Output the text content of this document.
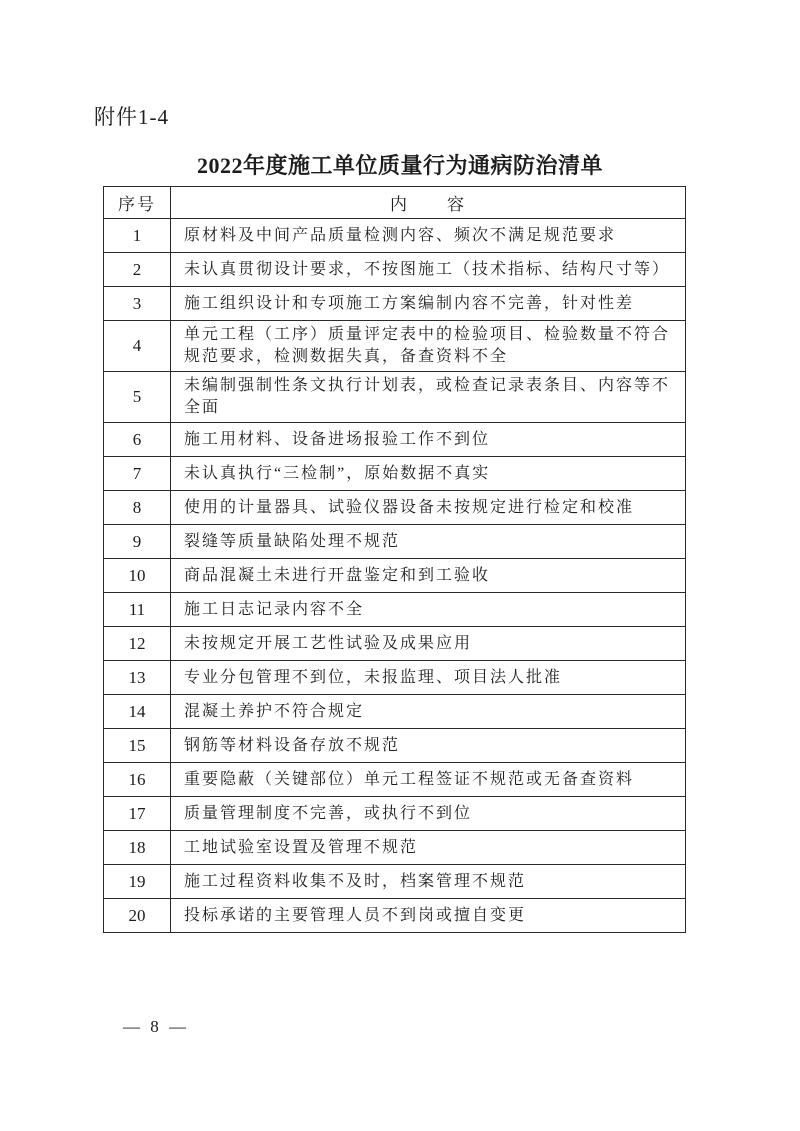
附件1-4
2022年度施工单位质量行为通病防治清单
序号	内　　容
1	原材料及中间产品质量检测内容、频次不满足规范要求
2	未认真贯彻设计要求，不按图施工（技术指标、结构尺寸等）
3	施工组织设计和专项施工方案编制内容不完善，针对性差
4	单元工程（工序）质量评定表中的检验项目、检验数量不符合规范要求，检测数据失真，备查资料不全
5	未编制强制性条文执行计划表，或检查记录表条目、内容等不全面
6	施工用材料、设备进场报验工作不到位
7	未认真执行“三检制”，原始数据不真实
8	使用的计量器具、试验仪器设备未按规定进行检定和校准
9	裂缝等质量缺陷处理不规范
10	商品混凝土未进行开盘鉴定和到工验收
11	施工日志记录内容不全
12	未按规定开展工艺性试验及成果应用
13	专业分包管理不到位，未报监理、项目法人批准
14	混凝土养护不符合规定
15	钢筋等材料设备存放不规范
16	重要隐蔽（关键部位）单元工程签证不规范或无备查资料
17	质量管理制度不完善，或执行不到位
18	工地试验室设置及管理不规范
19	施工过程资料收集不及时，档案管理不规范
20	投标承诺的主要管理人员不到岗或擅自变更
— 8 —
